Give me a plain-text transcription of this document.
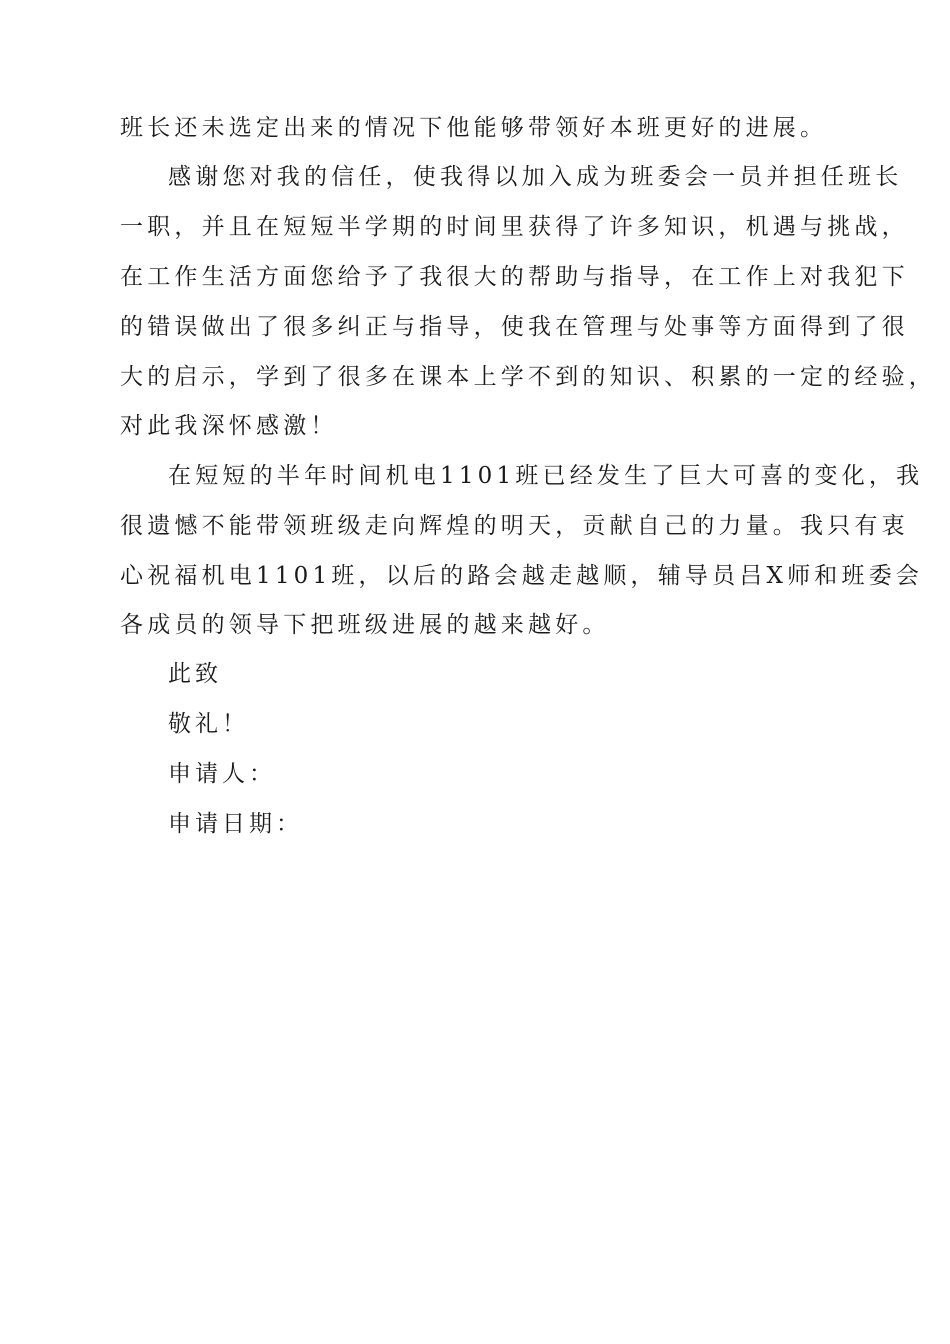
班长还未选定出来的情况下他能够带领好本班更好的进展。
感谢您对我的信任，使我得以加入成为班委会一员并担任班长
一职，并且在短短半学期的时间里获得了许多知识，机遇与挑战，
在工作生活方面您给予了我很大的帮助与指导，在工作上对我犯下
的错误做出了很多纠正与指导，使我在管理与处事等方面得到了很
大的启示，学到了很多在课本上学不到的知识、积累的一定的经验，
对此我深怀感激！
在短短的半年时间机电1101班已经发生了巨大可喜的变化，我
很遗憾不能带领班级走向辉煌的明天，贡献自己的力量。我只有衷
心祝福机电1101班，以后的路会越走越顺，辅导员吕X师和班委会
各成员的领导下把班级进展的越来越好。
此致
敬礼！
申请人：
申请日期：
